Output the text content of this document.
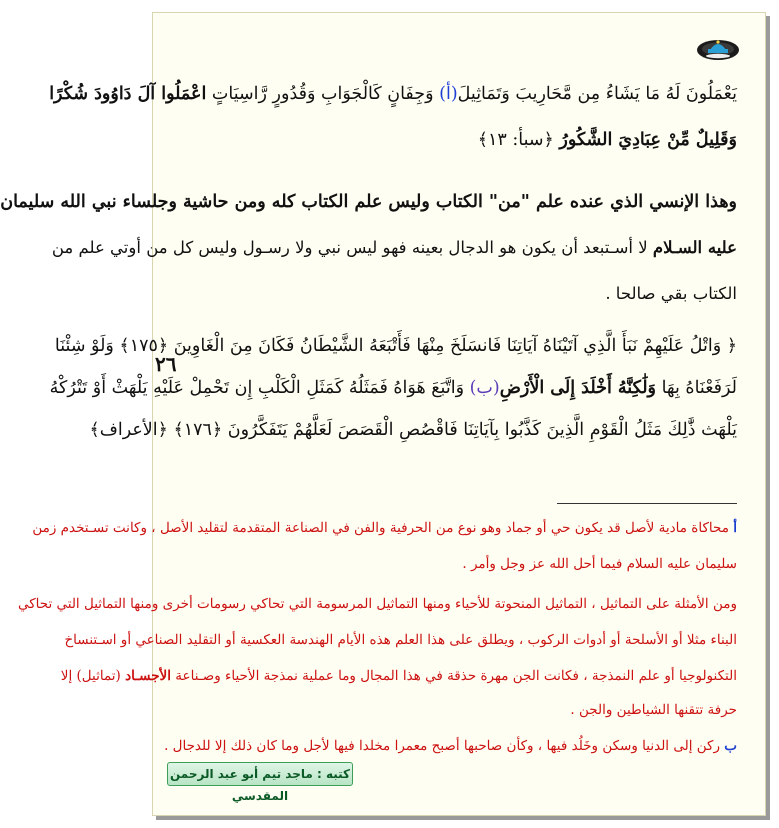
٢٦
يَعْمَلُونَ لَهُ مَا يَشَاءُ مِن مَّحَارِيبَ وَتَمَاثِيلَ(أ) وَجِفَانٍ كَالْجَوَابِ وَقُدُورٍ رَّاسِيَاتٍ اعْمَلُوا آلَ دَاوُودَ شُكْرًا
وَقَلِيلٌ مِّنْ عِبَادِيَ الشَّكُورُ ﴿سبأ: ١٣﴾
وهذا الإنسي الذي عنده علم "من" الكتاب وليس علم الكتاب كله ومن حاشية وجلساء نبي الله سليمان
عليه السـلام لا أسـتبعد أن يكون هو الدجال بعينه فهو ليس نبي ولا رسـول وليس كل من أوتي علم من
الكتاب بقي صالحا .
﴿ وَاتْلُ عَلَيْهِمْ نَبَأَ الَّذِي آتَيْنَاهُ آيَاتِنَا فَانسَلَخَ مِنْهَا فَأَتْبَعَهُ الشَّيْطَانُ فَكَانَ مِنَ الْغَاوِينَ ﴿١٧٥﴾ وَلَوْ شِئْنَا
لَرَفَعْنَاهُ بِهَا وَلَٰكِنَّهُ أَخْلَدَ إِلَى الْأَرْضِ(ب) وَاتَّبَعَ هَوَاهُ فَمَثَلُهُ كَمَثَلِ الْكَلْبِ إِن تَحْمِلْ عَلَيْهِ يَلْهَثْ أَوْ تَتْرُكْهُ
يَلْهَث ذَّٰلِكَ مَثَلُ الْقَوْمِ الَّذِينَ كَذَّبُوا بِآيَاتِنَا فَاقْصُصِ الْقَصَصَ لَعَلَّهُمْ يَتَفَكَّرُونَ ﴿١٧٦﴾ ﴿الأعراف﴾
أ محاكاة مادية لأصل قد يكون حي أو جماد وهو نوع من الحرفية والفن في الصناعة المتقدمة لتقليد الأصل ، وكانت تسـتخدم زمن
سليمان عليه السلام فيما أحل الله عز وجل وأمر .
ومن الأمثلة على التماثيل ، التماثيل المنحوتة للأحياء ومنها التماثيل المرسومة التي تحاكي رسومات أخرى ومنها التماثيل التي تحاكي
البناء مثلا أو الأسلحة أو أدوات الركوب ، ويطلق على هذا العلم هذه الأيام الهندسة العكسية أو التقليد الصناعي أو اسـتنساخ
التكنولوجيا أو علم النمذجة ، فكانت الجن مهرة حذقة في هذا المجال وما عملية نمذجة الأحياء وصـناعة الأجسـاد (تماثيل) إلا
حرفة تتقنها الشياطين والجن .
ب ركن إلى الدنيا وسكن وخَلُد فيها ، وكأن صاحبها أصبح معمرا مخلدا فيها لأجل وما كان ذلك إلا للدجال .
كتبه : ماجد تيم أبو عبد الرحمن المقدسي
